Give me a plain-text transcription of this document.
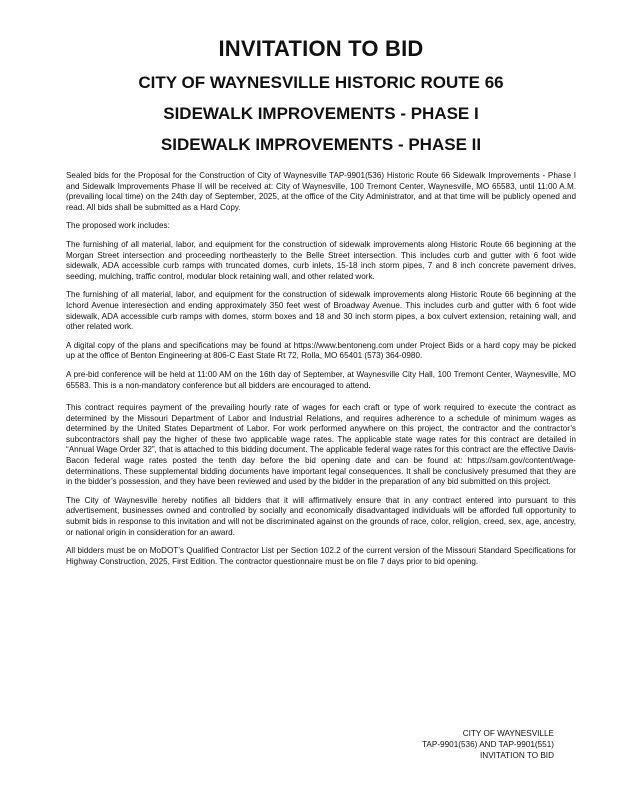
INVITATION TO BID
CITY OF WAYNESVILLE HISTORIC ROUTE 66
SIDEWALK IMPROVEMENTS - PHASE I
SIDEWALK IMPROVEMENTS - PHASE II

Sealed bids for the Proposal for the Construction of City of Waynesville TAP-9901(536) Historic Route 66 Sidewalk Improvements - Phase I and Sidewalk Improvements Phase II will be received at: City of Waynesville, 100 Tremont Center, Waynesville, MO 65583, until 11:00 A.M. (prevailing local time) on the 24th day of September, 2025, at the office of the City Administrator, and at that time will be publicly opened and read. All bids shall be submitted as a Hard Copy.

The proposed work includes:

The furnishing of all material, labor, and equipment for the construction of sidewalk improvements along Historic Route 66 beginning at the Morgan Street intersection and proceeding northeasterly to the Belle Street intersection. This includes curb and gutter with 6 foot wide sidewalk, ADA accessible curb ramps with truncated domes, curb inlets, 15-18 inch storm pipes, 7 and 8 inch concrete pavement drives, seeding, mulching, traffic control, modular block retaining wall, and other related work.

The furnishing of all material, labor, and equipment for the construction of sidewalk improvements along Historic Route 66 beginning at the Ichord Avenue interesection and ending approximately 350 feet west of Broadway Avenue. This includes curb and gutter with 6 foot wide sidewalk, ADA accessible curb ramps with domes, storm boxes and 18 and 30 inch storm pipes, a box culvert extension, retaining wall, and other related work.

A digital copy of the plans and specifications may be found at https://www.bentoneng.com under Project Bids or a hard copy may be picked up at the office of Benton Engineering at 806-C East State Rt 72, Rolla, MO 65401 (573) 364-0980.

A pre-bid conference will be held at 11:00 AM on the 16th day of September, at Waynesville City Hall, 100 Tremont Center, Waynesville, MO 65583. This is a non-mandatory conference but all bidders are encouraged to attend.

This contract requires payment of the prevailing hourly rate of wages for each craft or type of work required to execute the contract as determined by the Missouri Department of Labor and Industrial Relations, and requires adherence to a schedule of minimum wages as determined by the United States Department of Labor. For work performed anywhere on this project, the contractor and the contractor’s subcontractors shall pay the higher of these two applicable wage rates. The applicable state wage rates for this contract are detailed in “Annual Wage Order 32”, that is attached to this bidding document. The applicable federal wage rates for this contract are the effective Davis-Bacon federal wage rates posted the tenth day before the bid opening date and can be found at: https://sam.gov/content/wage-determinations. These supplemental bidding documents have important legal consequences. It shall be conclusively presumed that they are in the bidder’s possession, and they have been reviewed and used by the bidder in the preparation of any bid submitted on this project.

The City of Waynesville hereby notifies all bidders that it will affirmatively ensure that in any contract entered into pursuant to this advertisement, businesses owned and controlled by socially and economically disadvantaged individuals will be afforded full opportunity to submit bids in response to this invitation and will not be discriminated against on the grounds of race, color, religion, creed, sex, age, ancestry, or national origin in consideration for an award.

All bidders must be on MoDOT’s Qualified Contractor List per Section 102.2 of the current version of the Missouri Standard Specifications for Highway Construction, 2025, First Edition. The contractor questionnaire must be on file 7 days prior to bid opening.

CITY OF WAYNESVILLE
TAP-9901(536) AND TAP-9901(551)
INVITATION TO BID
